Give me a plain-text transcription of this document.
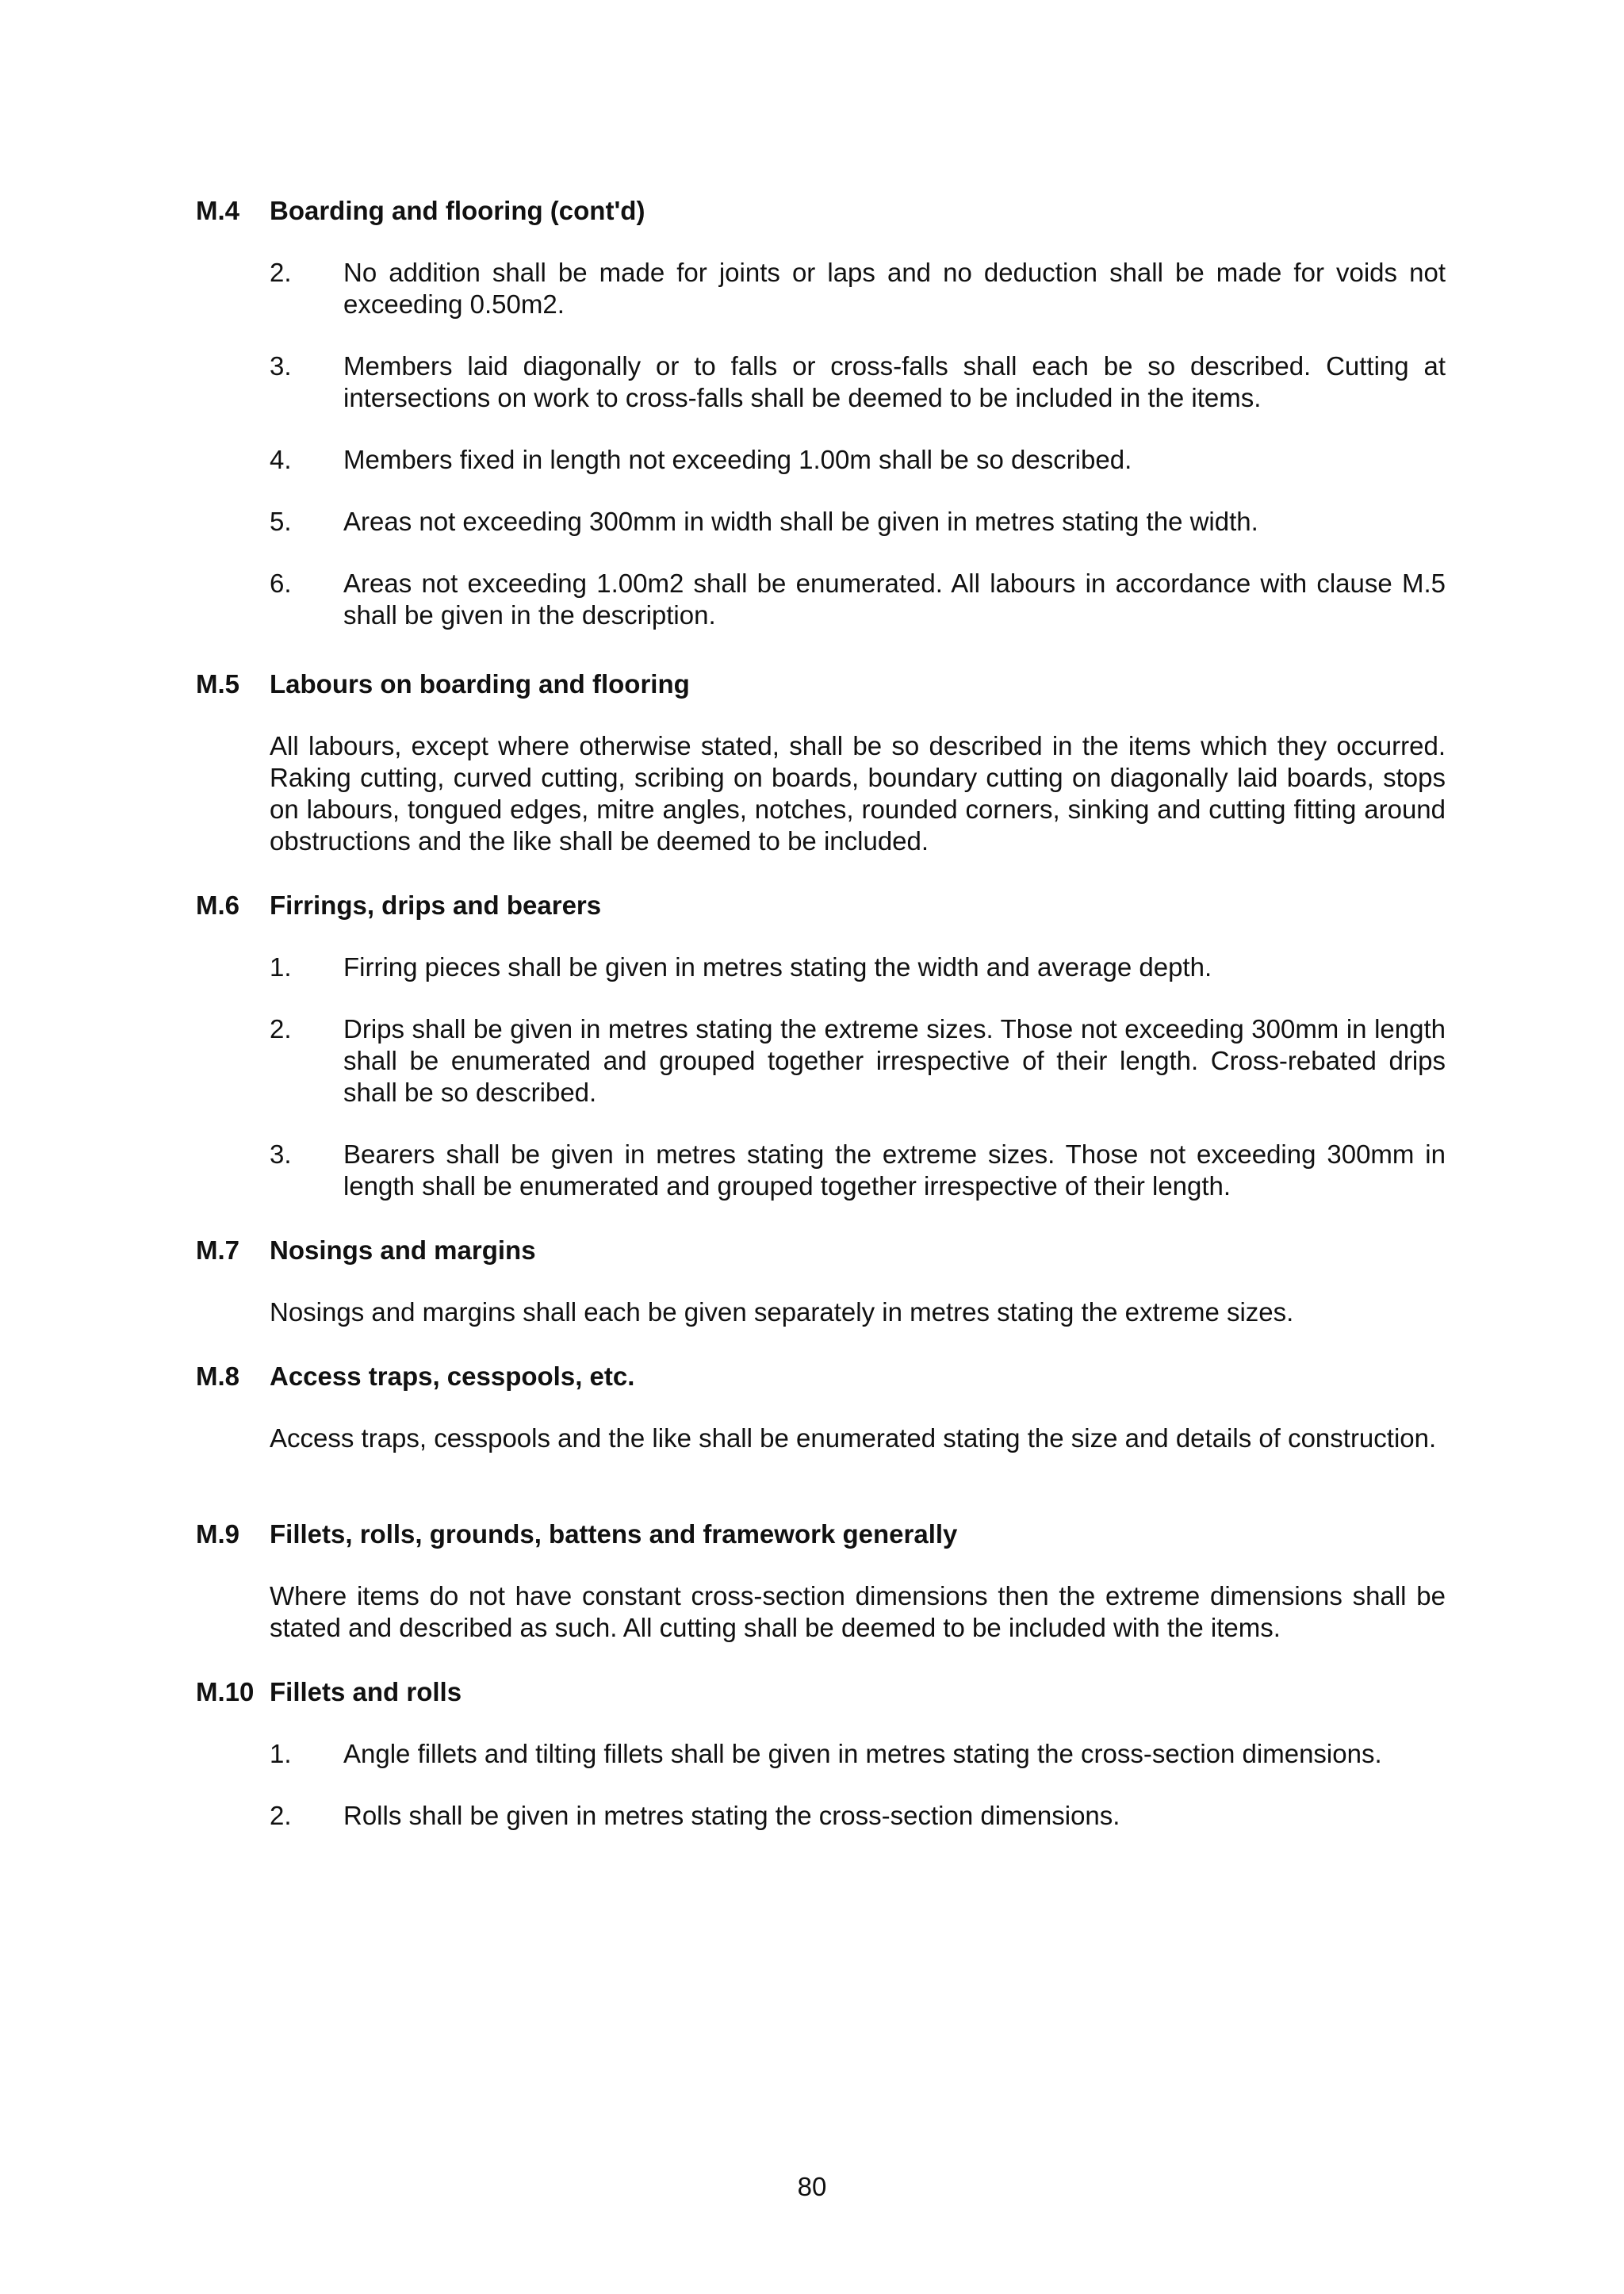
M.4	Boarding and flooring (cont'd)
2.	No addition shall be made for joints or laps and no deduction shall be made for voids not exceeding 0.50m2.
3.	Members laid diagonally or to falls or cross-falls shall each be so described. Cutting at intersections on work to cross-falls shall be deemed to be included in the items.
4.	Members fixed in length not exceeding 1.00m shall be so described.
5.	Areas not exceeding 300mm in width shall be given in metres stating the width.
6.	Areas not exceeding 1.00m2 shall be enumerated. All labours in accordance with clause M.5 shall be given in the description.
M.5	Labours on boarding and flooring
All labours, except where otherwise stated, shall be so described in the items which they occurred. Raking cutting, curved cutting, scribing on boards, boundary cutting on diagonally laid boards, stops on labours, tongued edges, mitre angles, notches, rounded corners, sinking and cutting fitting around obstructions and the like shall be deemed to be included.
M.6	Firrings, drips and bearers
1.	Firring pieces shall be given in metres stating the width and average depth.
2.	Drips shall be given in metres stating the extreme sizes. Those not exceeding 300mm in length shall be enumerated and grouped together irrespective of their length. Cross-rebated drips shall be so described.
3.	Bearers shall be given in metres stating the extreme sizes. Those not exceeding 300mm in length shall be enumerated and grouped together irrespective of their length.
M.7	Nosings and margins
Nosings and margins shall each be given separately in metres stating the extreme sizes.
M.8	Access traps, cesspools, etc.
Access traps, cesspools and the like shall be enumerated stating the size and details of construction.
M.9	Fillets, rolls, grounds, battens and framework generally
Where items do not have constant cross-section dimensions then the extreme dimensions shall be stated and described as such. All cutting shall be deemed to be included with the items.
M.10 Fillets and rolls
1.	Angle fillets and tilting fillets shall be given in metres stating the cross-section dimensions.
2.	Rolls shall be given in metres stating the cross-section dimensions.
80
